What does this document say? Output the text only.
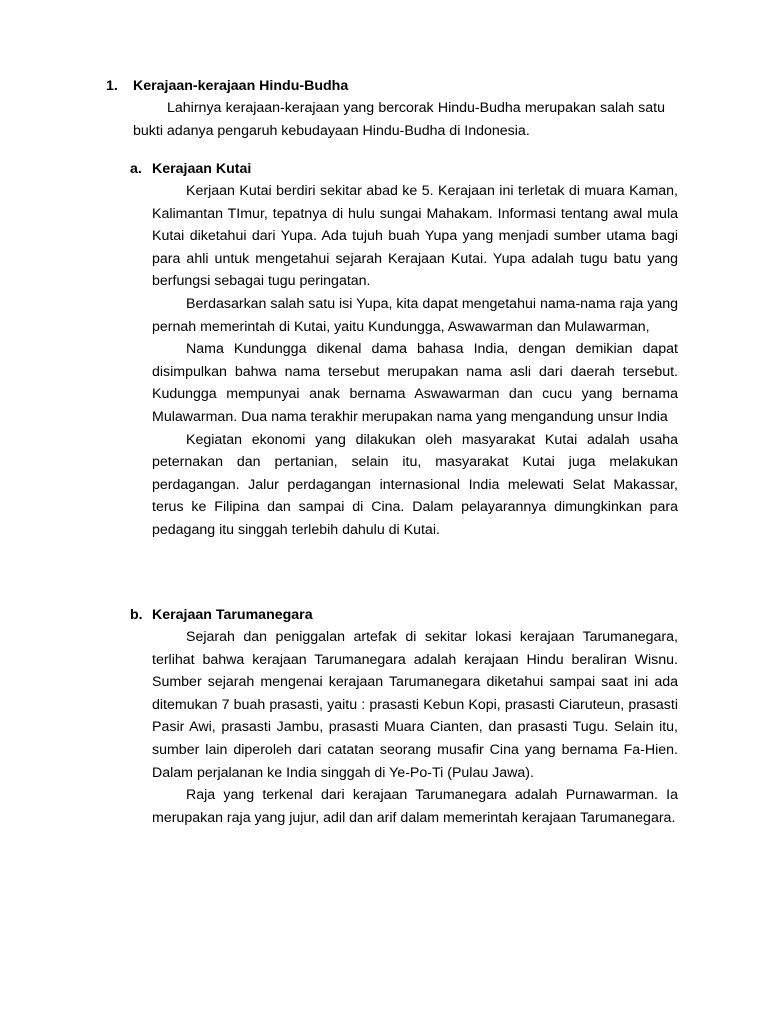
1. Kerajaan-kerajaan Hindu-Budha

Lahirnya kerajaan-kerajaan yang bercorak Hindu-Budha merupakan salah satu bukti adanya pengaruh kebudayaan Hindu-Budha di Indonesia.

a. Kerajaan Kutai

Kerjaan Kutai berdiri sekitar abad ke 5. Kerajaan ini terletak di muara Kaman, Kalimantan TImur, tepatnya di hulu sungai Mahakam. Informasi tentang awal mula Kutai diketahui dari Yupa. Ada tujuh buah Yupa yang menjadi sumber utama bagi para ahli untuk mengetahui sejarah Kerajaan Kutai. Yupa adalah tugu batu yang berfungsi sebagai tugu peringatan.

Berdasarkan salah satu isi Yupa, kita dapat mengetahui nama-nama raja yang pernah memerintah di Kutai, yaitu Kundungga, Aswawarman dan Mulawarman,

Nama Kundungga dikenal dama bahasa India, dengan demikian dapat disimpulkan bahwa nama tersebut merupakan nama asli dari daerah tersebut. Kudungga mempunyai anak bernama Aswawarman dan cucu yang bernama Mulawarman. Dua nama terakhir merupakan nama yang mengandung unsur India

Kegiatan ekonomi yang dilakukan oleh masyarakat Kutai adalah usaha peternakan dan pertanian, selain itu, masyarakat Kutai juga melakukan perdagangan. Jalur perdagangan internasional India melewati Selat Makassar, terus ke Filipina dan sampai di Cina. Dalam pelayarannya dimungkinkan para pedagang itu singgah terlebih dahulu di Kutai.

b. Kerajaan Tarumanegara

Sejarah dan peniggalan artefak di sekitar lokasi kerajaan Tarumanegara, terlihat bahwa kerajaan Tarumanegara adalah kerajaan Hindu beraliran Wisnu. Sumber sejarah mengenai kerajaan Tarumanegara diketahui sampai saat ini ada ditemukan 7 buah prasasti, yaitu : prasasti Kebun Kopi, prasasti Ciaruteun, prasasti Pasir Awi, prasasti Jambu, prasasti Muara Cianten, dan prasasti Tugu. Selain itu, sumber lain diperoleh dari catatan seorang musafir Cina yang bernama Fa-Hien. Dalam perjalanan ke India singgah di Ye-Po-Ti (Pulau Jawa).

Raja yang terkenal dari kerajaan Tarumanegara adalah Purnawarman. Ia merupakan raja yang jujur, adil dan arif dalam memerintah kerajaan Tarumanegara.
